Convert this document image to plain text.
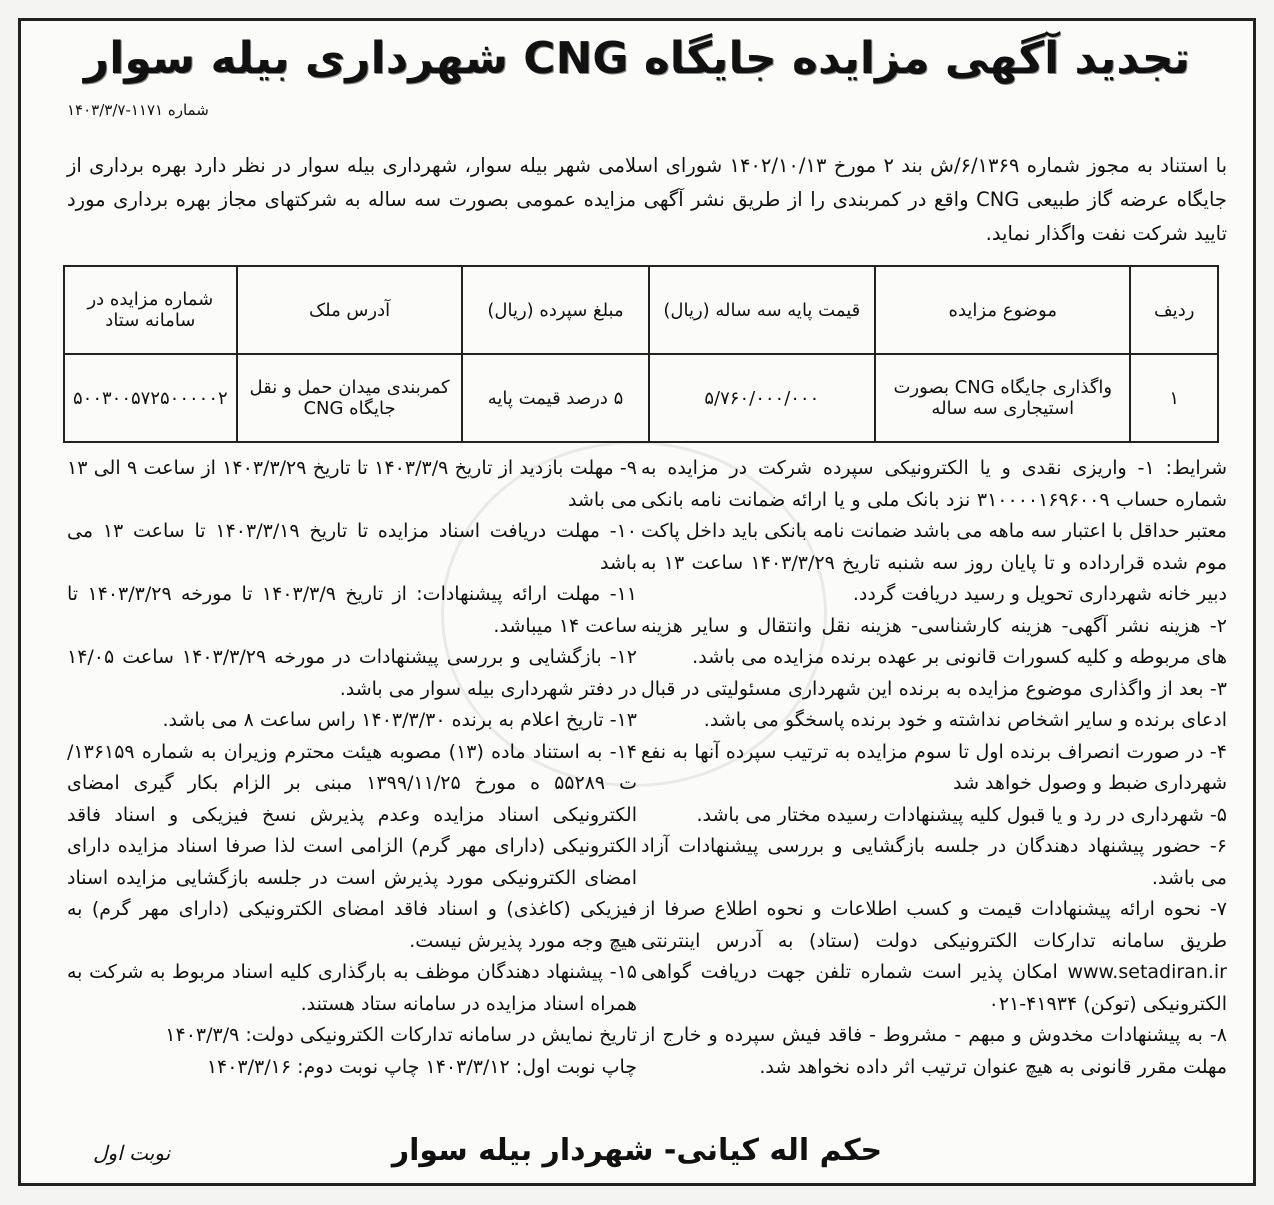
تجدید آگهی مزایده جایگاه CNG شهرداری بیله سوار
شماره ۱۱۷۱-۱۴۰۳/۳/۷
با استناد به مجوز شماره ۶/۱۳۶۹/ش بند ۲ مورخ ۱۴۰۲/۱۰/۱۳ شورای اسلامی شهر بیله سوار، شهرداری بیله سوار در نظر دارد بهره برداری از جایگاه عرضه گاز طبیعی CNG واقع در کمربندی را از طریق نشر آگهی مزایده عمومی بصورت سه ساله به شرکتهای مجاز بهره برداری مورد تایید شرکت نفت واگذار نماید.
ردیف	موضوع مزایده	قیمت پایه سه ساله (ریال)	مبلغ سپرده (ریال)	آدرس ملک	شماره مزایده در سامانه ستاد
۱	واگذاری جایگاه CNG بصورت استیجاری سه ساله	۵/۷۶۰/۰۰۰/۰۰۰	۵ درصد قیمت پایه	کمربندی میدان حمل و نقل جایگاه CNG	۵۰۰۳۰۰۵۷۲۵۰۰۰۰۰۲

شرایط: ۱- واریزی نقدی و یا الکترونیکی سپرده شرکت در مزایده به شماره حساب ۳۱۰۰۰۰۱۶۹۶۰۰۹ نزد بانک ملی و یا ارائه ضمانت نامه بانکی معتبر حداقل با اعتبار سه ماهه می باشد ضمانت نامه بانکی باید داخل پاکت موم شده قرارداده و تا پایان روز سه شنبه تاریخ ۱۴۰۳/۳/۲۹ ساعت ۱۳ به دبیر خانه شهرداری تحویل و رسید دریافت گردد.

۲- هزینه نشر آگهی- هزینه کارشناسی- هزینه نقل وانتقال و سایر هزینه های مربوطه و کلیه کسورات قانونی بر عهده برنده مزایده می باشد.

۳- بعد از واگذاری موضوع مزایده به برنده این شهرداری مسئولیتی در قبال ادعای برنده و سایر اشخاص نداشته و خود برنده پاسخگو می باشد.

۴- در صورت انصراف برنده اول تا سوم مزایده به ترتیب سپرده آنها به نفع شهرداری ضبط و وصول خواهد شد

۵- شهرداری در رد و یا قبول کلیه پیشنهادات رسیده مختار می باشد.

۶- حضور پیشنهاد دهندگان در جلسه بازگشایی و بررسی پیشنهادات آزاد می باشد.

۷- نحوه ارائه پیشنهادات قیمت و کسب اطلاعات و نحوه اطلاع صرفا از طریق سامانه تدارکات الکترونیکی دولت (ستاد) به آدرس اینترنتی www.setadiran.ir امکان پذیر است شماره تلفن جهت دریافت گواهی الکترونیکی (توکن) ۴۱۹۳۴-۰۲۱

۸- به پیشنهادات مخدوش و مبهم - مشروط - فاقد فیش سپرده و خارج از مهلت مقرر قانونی به هیچ عنوان ترتیب اثر داده نخواهد شد.

۹- مهلت بازدید از تاریخ ۱۴۰۳/۳/۹ تا تاریخ ۱۴۰۳/۳/۲۹ از ساعت ۹ الی ۱۳ می باشد

۱۰- مهلت دریافت اسناد مزایده تا تاریخ ۱۴۰۳/۳/۱۹ تا ساعت ۱۳ می باشد

۱۱- مهلت ارائه پیشنهادات: از تاریخ ۱۴۰۳/۳/۹ تا مورخه ۱۴۰۳/۳/۲۹ تا ساعت ۱۴ میباشد.

۱۲- بازگشایی و بررسی پیشنهادات در مورخه ۱۴۰۳/۳/۲۹ ساعت ۱۴/۰۵ در دفتر شهرداری بیله سوار می باشد.

۱۳- تاریخ اعلام به برنده ۱۴۰۳/۳/۳۰ راس ساعت ۸ می باشد.

۱۴- به استناد ماده (۱۳) مصوبه هیئت محترم وزیران به شماره ۱۳۶۱۵۹/ت ۵۵۲۸۹ ه مورخ ۱۳۹۹/۱۱/۲۵ مبنی بر الزام بکار گیری امضای الکترونیکی اسناد مزایده وعدم پذیرش نسخ فیزیکی و اسناد فاقد الکترونیکی (دارای مهر گرم) الزامی است لذا صرفا اسناد مزایده دارای امضای الکترونیکی مورد پذیرش است در جلسه بازگشایی مزایده اسناد فیزیکی (کاغذی) و اسناد فاقد امضای الکترونیکی (دارای مهر گرم) به هیچ وجه مورد پذیرش نیست.

۱۵- پیشنهاد دهندگان موظف به بارگذاری کلیه اسناد مربوط به شرکت به همراه اسناد مزایده در سامانه ستاد هستند.

تاریخ نمایش در سامانه تدارکات الکترونیکی دولت: ۱۴۰۳/۳/۹

چاپ نوبت اول: ۱۴۰۳/۳/۱۲ چاپ نوبت دوم: ۱۴۰۳/۳/۱۶

حکم اله کیانی- شهردار بیله سوار
نوبت اول
